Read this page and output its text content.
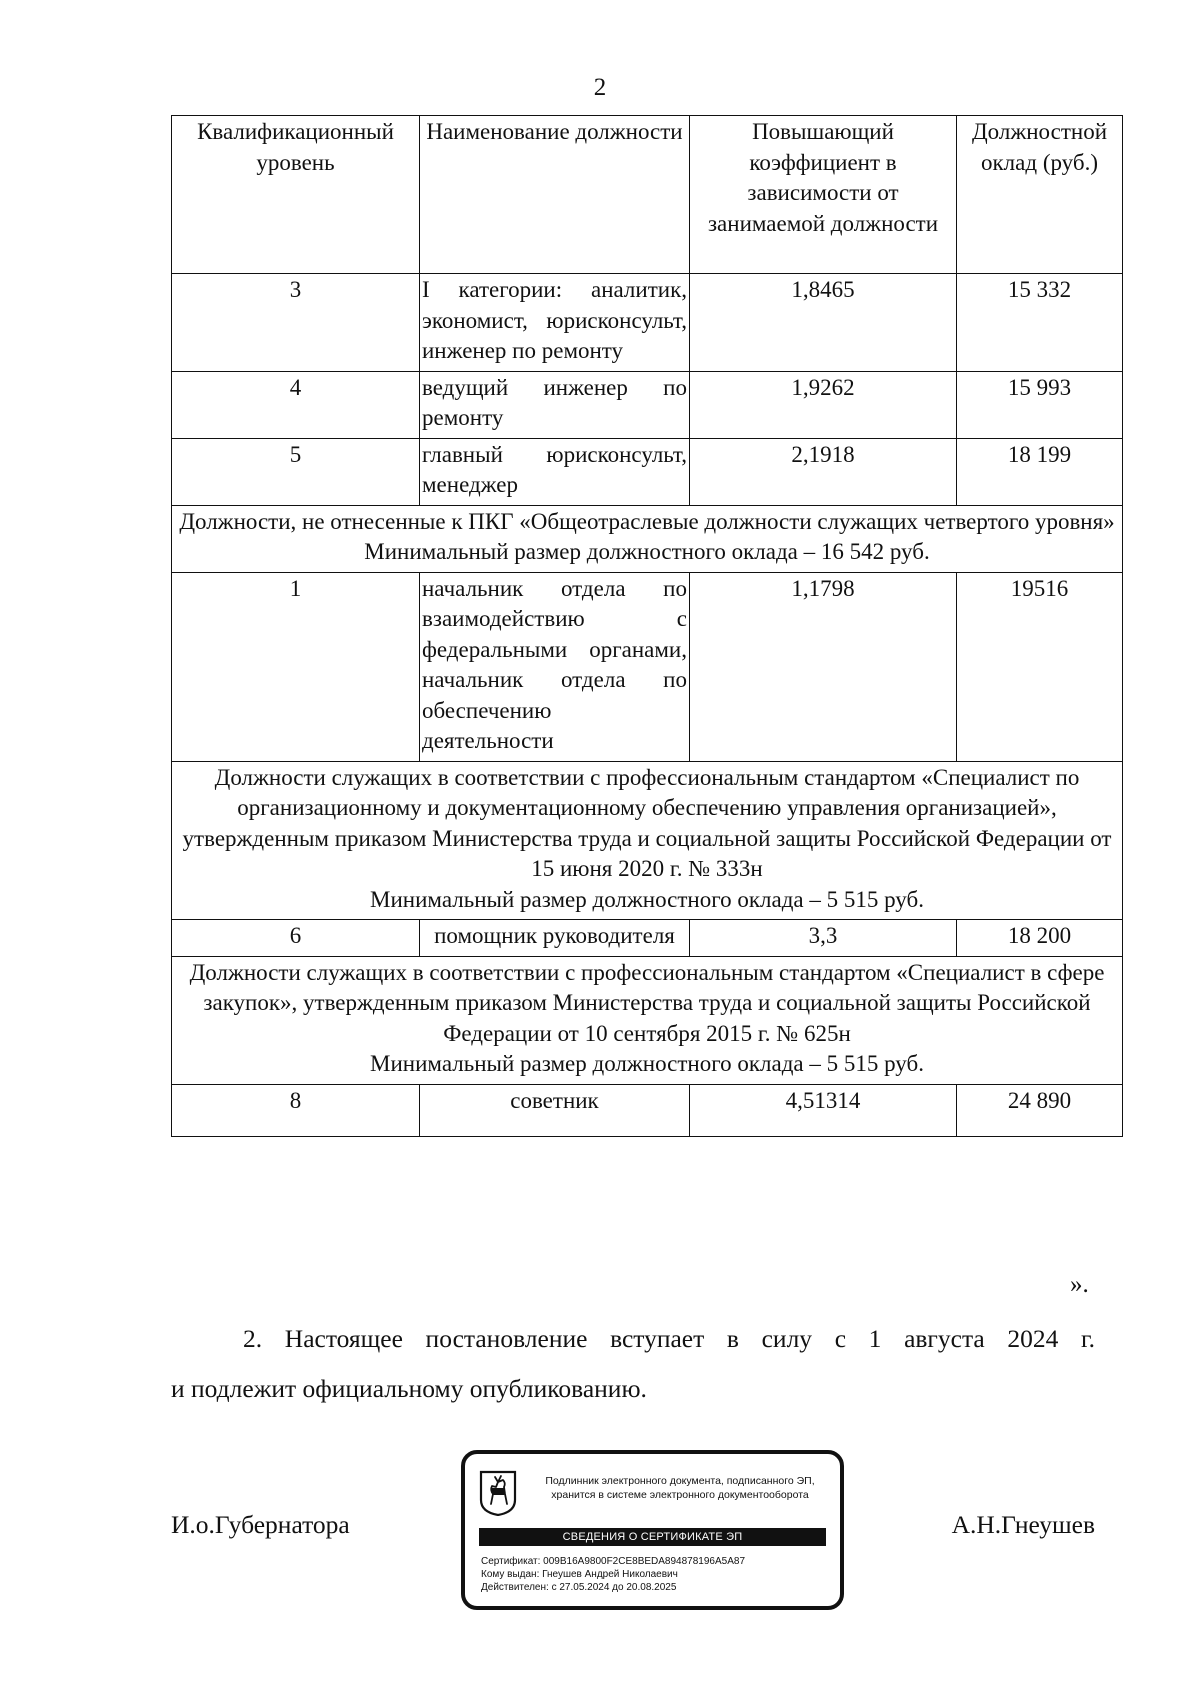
2
Квалификационный уровень	Наименование должности	Повышающий коэффициент в зависимости от занимаемой должности	Должностной оклад (руб.)
3	I категории: аналитик, экономист, юрисконсульт, инженер по ремонту	1,8465	15 332
4	ведущий инженер по ремонту	1,9262	15 993
5	главный юрисконсульт, менеджер	2,1918	18 199

Должности, не отнесенные к ПКГ «Общеотраслевые должности служащих четвертого уровня»
Минимальный размер должностного оклада – 16 542 руб.			

1	начальник отдела по взаимодействию с федеральными органами, начальник отдела по обеспечению деятельности	1,1798	19516

Должности служащих в соответствии с профессиональным стандартом «Специалист по организационному и документационному обеспечению управления организацией», утвержденным приказом Министерства труда и социальной защиты Российской Федерации от 15 июня 2020 г. № 333н
Минимальный размер должностного оклада – 5 515 руб.			

6	помощник руководителя	3,3	18 200

Должности служащих в соответствии с профессиональным стандартом «Специалист в сфере закупок», утвержденным приказом Министерства труда и социальной защиты Российской Федерации от 10 сентября 2015 г. № 625н
Минимальный размер должностного оклада – 5 515 руб.			

8	советник	4,51314	24 890
».
2. Настоящее постановление вступает в силу с 1 августа 2024 г.
и подлежит официальному опубликованию.
И.о.Губернатора
Подлинник электронного документа, подписанного ЭП,
хранится в системе электронного документооборота
СВЕДЕНИЯ О СЕРТИФИКАТЕ ЭП
Сертификат: 009B16A9800F2CE8BEDA894878196A5A87
Кому выдан: Гнеушев Андрей Николаевич
Действителен: с 27.05.2024 до 20.08.2025
А.Н.Гнеушев
